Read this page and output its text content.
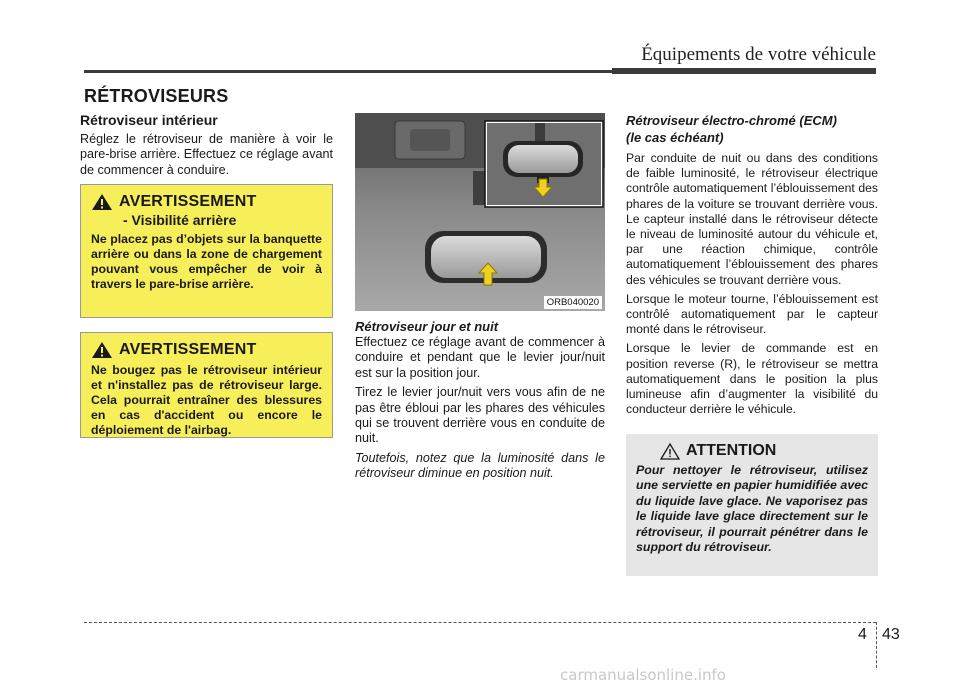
Équipements de votre véhicule
RÉTROVISEURS
Rétroviseur intérieur
Réglez le rétroviseur de manière à voir le pare-brise arrière. Effectuez ce réglage avant de commencer à conduire.
AVERTISSEMENT
- Visibilité arrière
Ne placez pas d’objets sur la banquette arrière ou dans la zone de chargement pouvant vous empêcher de voir à travers le pare-brise arrière.
AVERTISSEMENT
Ne bougez pas le rétroviseur intérieur et n'installez pas de rétroviseur large. Cela pourrait entraîner des blessures en cas d'accident ou encore le déploiement de l'airbag.
ORB040020
Rétroviseur jour et nuit
Effectuez ce réglage avant de commencer à conduire et pendant que le levier jour/nuit est sur la position jour.
Tirez le levier jour/nuit vers vous afin de ne pas être ébloui par les phares des véhicules qui se trouvent derrière vous en conduite de nuit.
Toutefois, notez que la luminosité dans le rétroviseur diminue en position nuit.
Rétroviseur électro-chromé (ECM)
(le cas échéant)
Par conduite de nuit ou dans des conditions de faible luminosité, le rétroviseur électrique contrôle automatiquement l’éblouissement des phares de la voiture se trouvant derrière vous. Le capteur installé dans le rétroviseur détecte le niveau de luminosité autour du véhicule et, par une réaction chimique, contrôle automatiquement l’éblouissement des phares des véhicules se trouvant derrière vous.
Lorsque le moteur tourne, l’éblouissement est contrôlé automatiquement par le capteur monté dans le rétroviseur.
Lorsque le levier de commande est en position reverse (R), le rétroviseur se mettra automatiquement dans le position la plus lumineuse afin d’augmenter la visibilité du conducteur derrière le véhicule.
ATTENTION
Pour nettoyer le rétroviseur, utilisez une serviette en papier humidifiée avec du liquide lave glace. Ne vaporisez pas le liquide lave glace directement sur le rétroviseur, il pourrait pénétrer dans le support du rétroviseur.
4 43
carmanualsonline.info
